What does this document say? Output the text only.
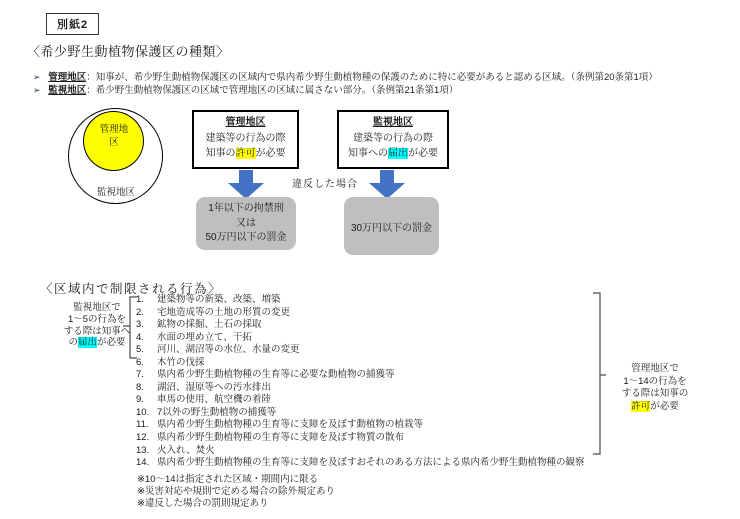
別紙2
〈希少野生動植物保護区の種類〉
➢ 管理地区：知事が、希少野生動植物保護区の区域内で県内希少野生動植物種の保護のために特に必要があると認める区域。（条例第20条第1項）
➢ 監視地区：希少野生動植物保護区の区域で管理地区の区域に属さない部分。（条例第21条第1項）
管理地区
監視地区
管理地区
建築等の行為の際
知事の許可が必要
監視地区
建築等の行為の際
知事への届出が必要
違反した場合
1年以下の拘禁刑
又は
50万円以下の罰金
30万円以下の罰金
〈区域内で制限される行為〉
監視地区で
1～5の行為を
する際は知事へ
の届出が必要
1.	建築物等の新築、改築、増築
2.	宅地造成等の土地の形質の変更
3.	鉱物の採掘、土石の採取
4.	水面の埋め立て、干拓
5.	河川、湖沼等の水位、水量の変更
6.	木竹の伐採
7.	県内希少野生動植物種の生育等に必要な動植物の捕獲等
8.	湖沼、湿原等への汚水排出
9.	車馬の使用、航空機の着陸
10. 7以外の野生動植物の捕獲等
11. 県内希少野生動植物種の生育等に支障を及ぼす動植物の植栽等
12. 県内希少野生動植物種の生育等に支障を及ぼす物質の散布
13. 火入れ、焚火
14. 県内希少野生動植物種の生育等に支障を及ぼすおそれのある方法による県内希少野生動植物種の観察
管理地区で
1～14の行為を
する際は知事の
許可が必要
※10～14は指定された区域・期間内に限る
※災害対応や規則で定める場合の除外規定あり
※違反した場合の罰則規定あり
